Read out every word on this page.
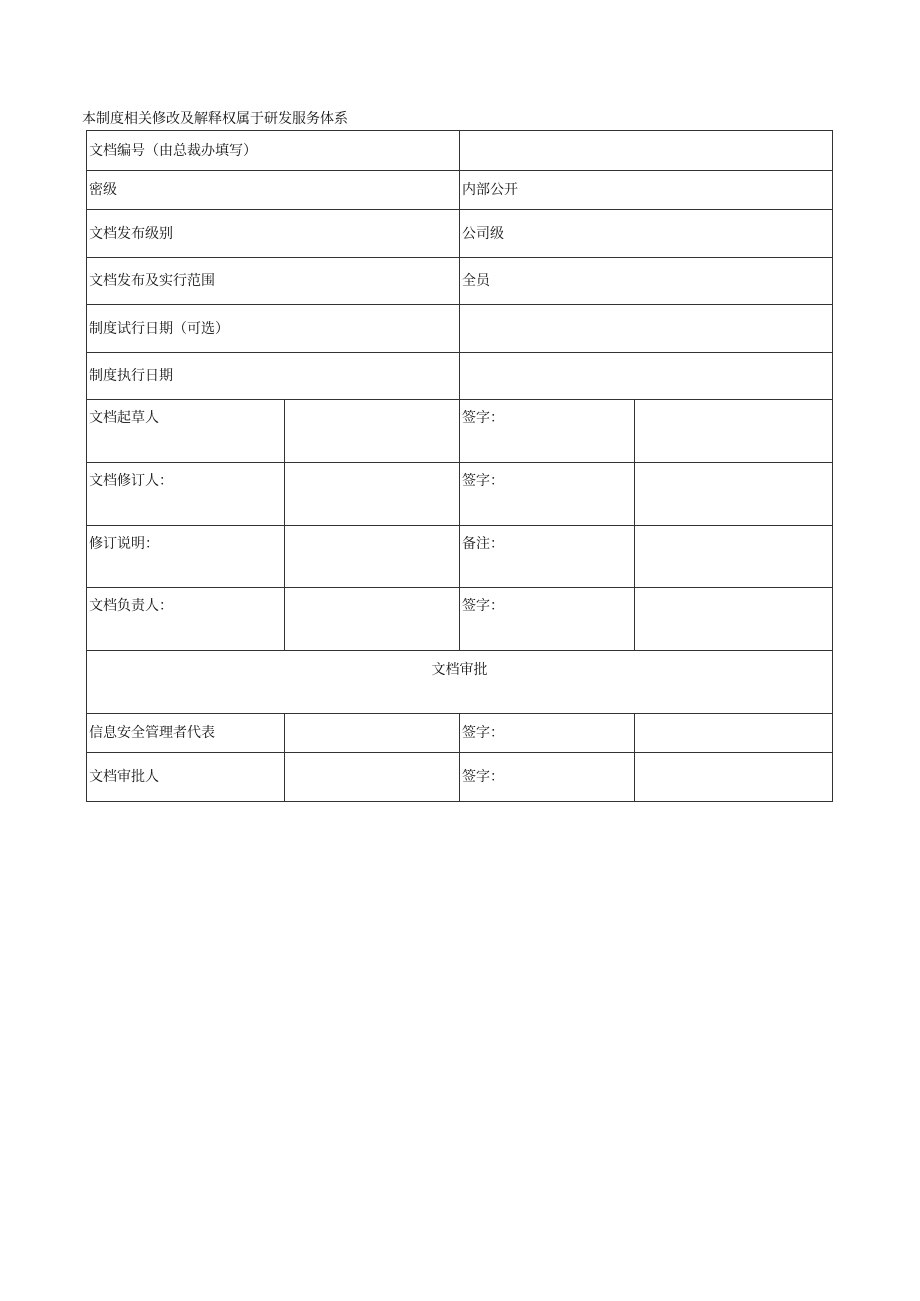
本制度相关修改及解释权属于研发服务体系
文档编号（由总裁办填写）			
密级		内部公开	
文档发布级别		公司级	
文档发布及实行范围		全员	
制度试行日期（可选）			
制度执行日期			
文档起草人		签字：	
文档修订人：		签字：	
修订说明：		备注：	
文档负责人：		签字：	
文档审批			
信息安全管理者代表		签字：	
文档审批人		签字：	
